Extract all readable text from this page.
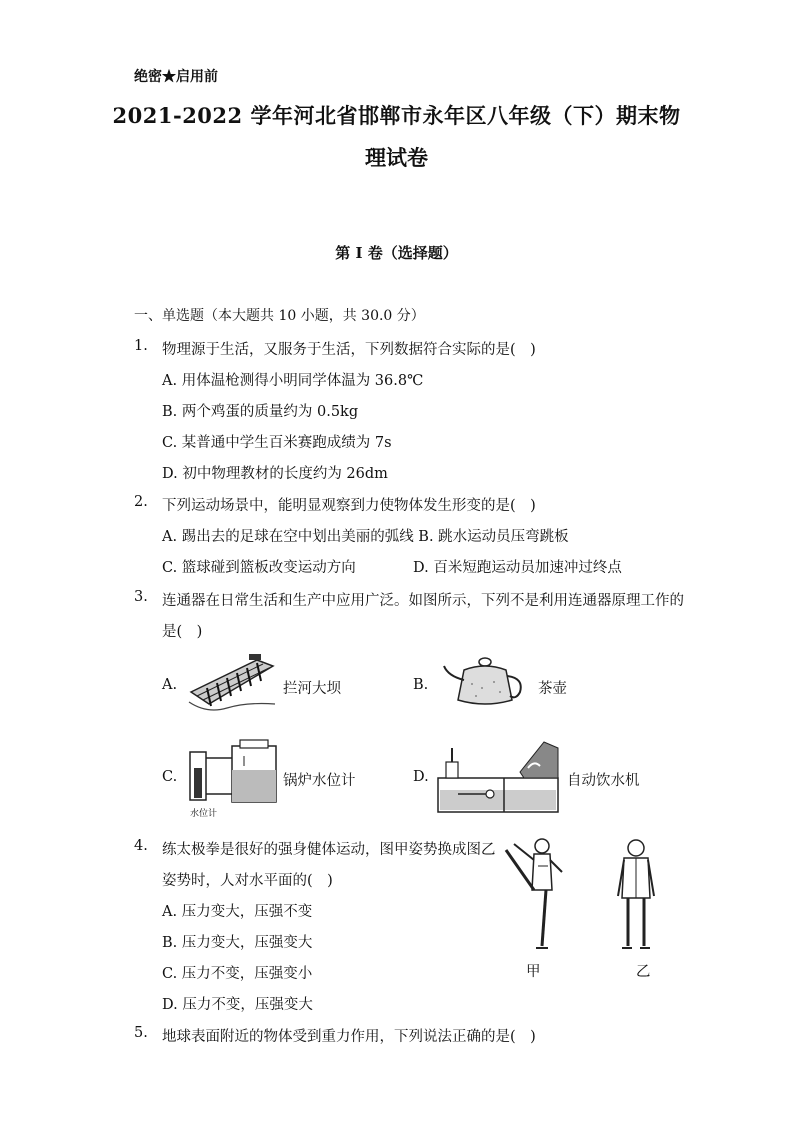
绝密★启用前
2021-2022 学年河北省邯郸市永年区八年级（下）期末物
理试卷
第 I 卷（选择题）
一、单选题（本大题共 10 小题，共 30.0 分）
1. 物理源于生活，又服务于生活，下列数据符合实际的是(　)
A. 用体温枪测得小明同学体温为 36.8℃
B. 两个鸡蛋的质量约为 0.5kg
C. 某普通中学生百米赛跑成绩为 7s
D. 初中物理教材的长度约为 26dm
2. 下列运动场景中，能明显观察到力使物体发生形变的是(　)
A. 踢出去的足球在空中划出美丽的弧线 B. 跳水运动员压弯跳板
C. 篮球碰到篮板改变运动方向	D. 百米短跑运动员加速冲过终点
3. 连通器在日常生活和生产中应用广泛。如图所示，下列不是利用连通器原理工作的
是(　)
A.	拦河大坝	B.	茶壶
C.
水位计
锅炉水位计	D.	自动饮水机
4. 练太极拳是很好的强身健体运动，图甲姿势换成图乙
姿势时，人对水平面的(　)
A. 压力变大，压强不变
B. 压力变大，压强变大
C. 压力不变，压强变小
D. 压力不变，压强变大
甲	乙
5. 地球表面附近的物体受到重力作用，下列说法正确的是(　)
